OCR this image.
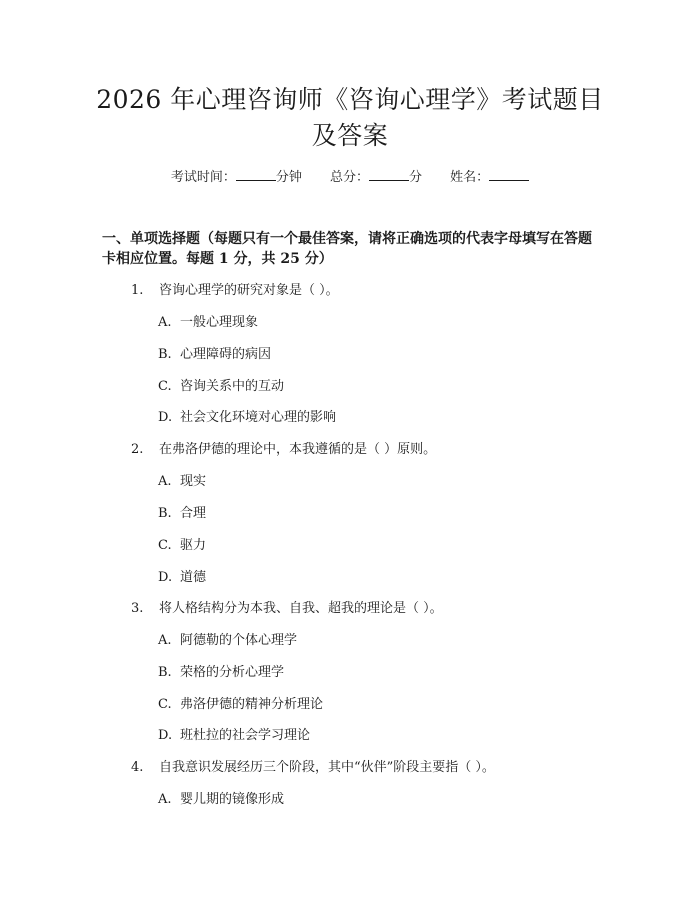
2026 年心理咨询师《咨询心理学》考试题目
及答案
考试时间：	分钟 总分：	分 姓名：
一、单项选择题（每题只有一个最佳答案，请将正确选项的代表字母填写在答题
卡相应位置。每题 1 分，共 25 分）
1. 咨询心理学的研究对象是（ ）。
A. 一般心理现象
B. 心理障碍的病因
C. 咨询关系中的互动
D. 社会文化环境对心理的影响
2. 在弗洛伊德的理论中，本我遵循的是（ ）原则。
A. 现实
B. 合理
C. 驱力
D. 道德
3. 将人格结构分为本我、自我、超我的理论是（ ）。
A. 阿德勒的个体心理学
B. 荣格的分析心理学
C. 弗洛伊德的精神分析理论
D. 班杜拉的社会学习理论
4. 自我意识发展经历三个阶段，其中“伙伴”阶段主要指（ ）。
A. 婴儿期的镜像形成
